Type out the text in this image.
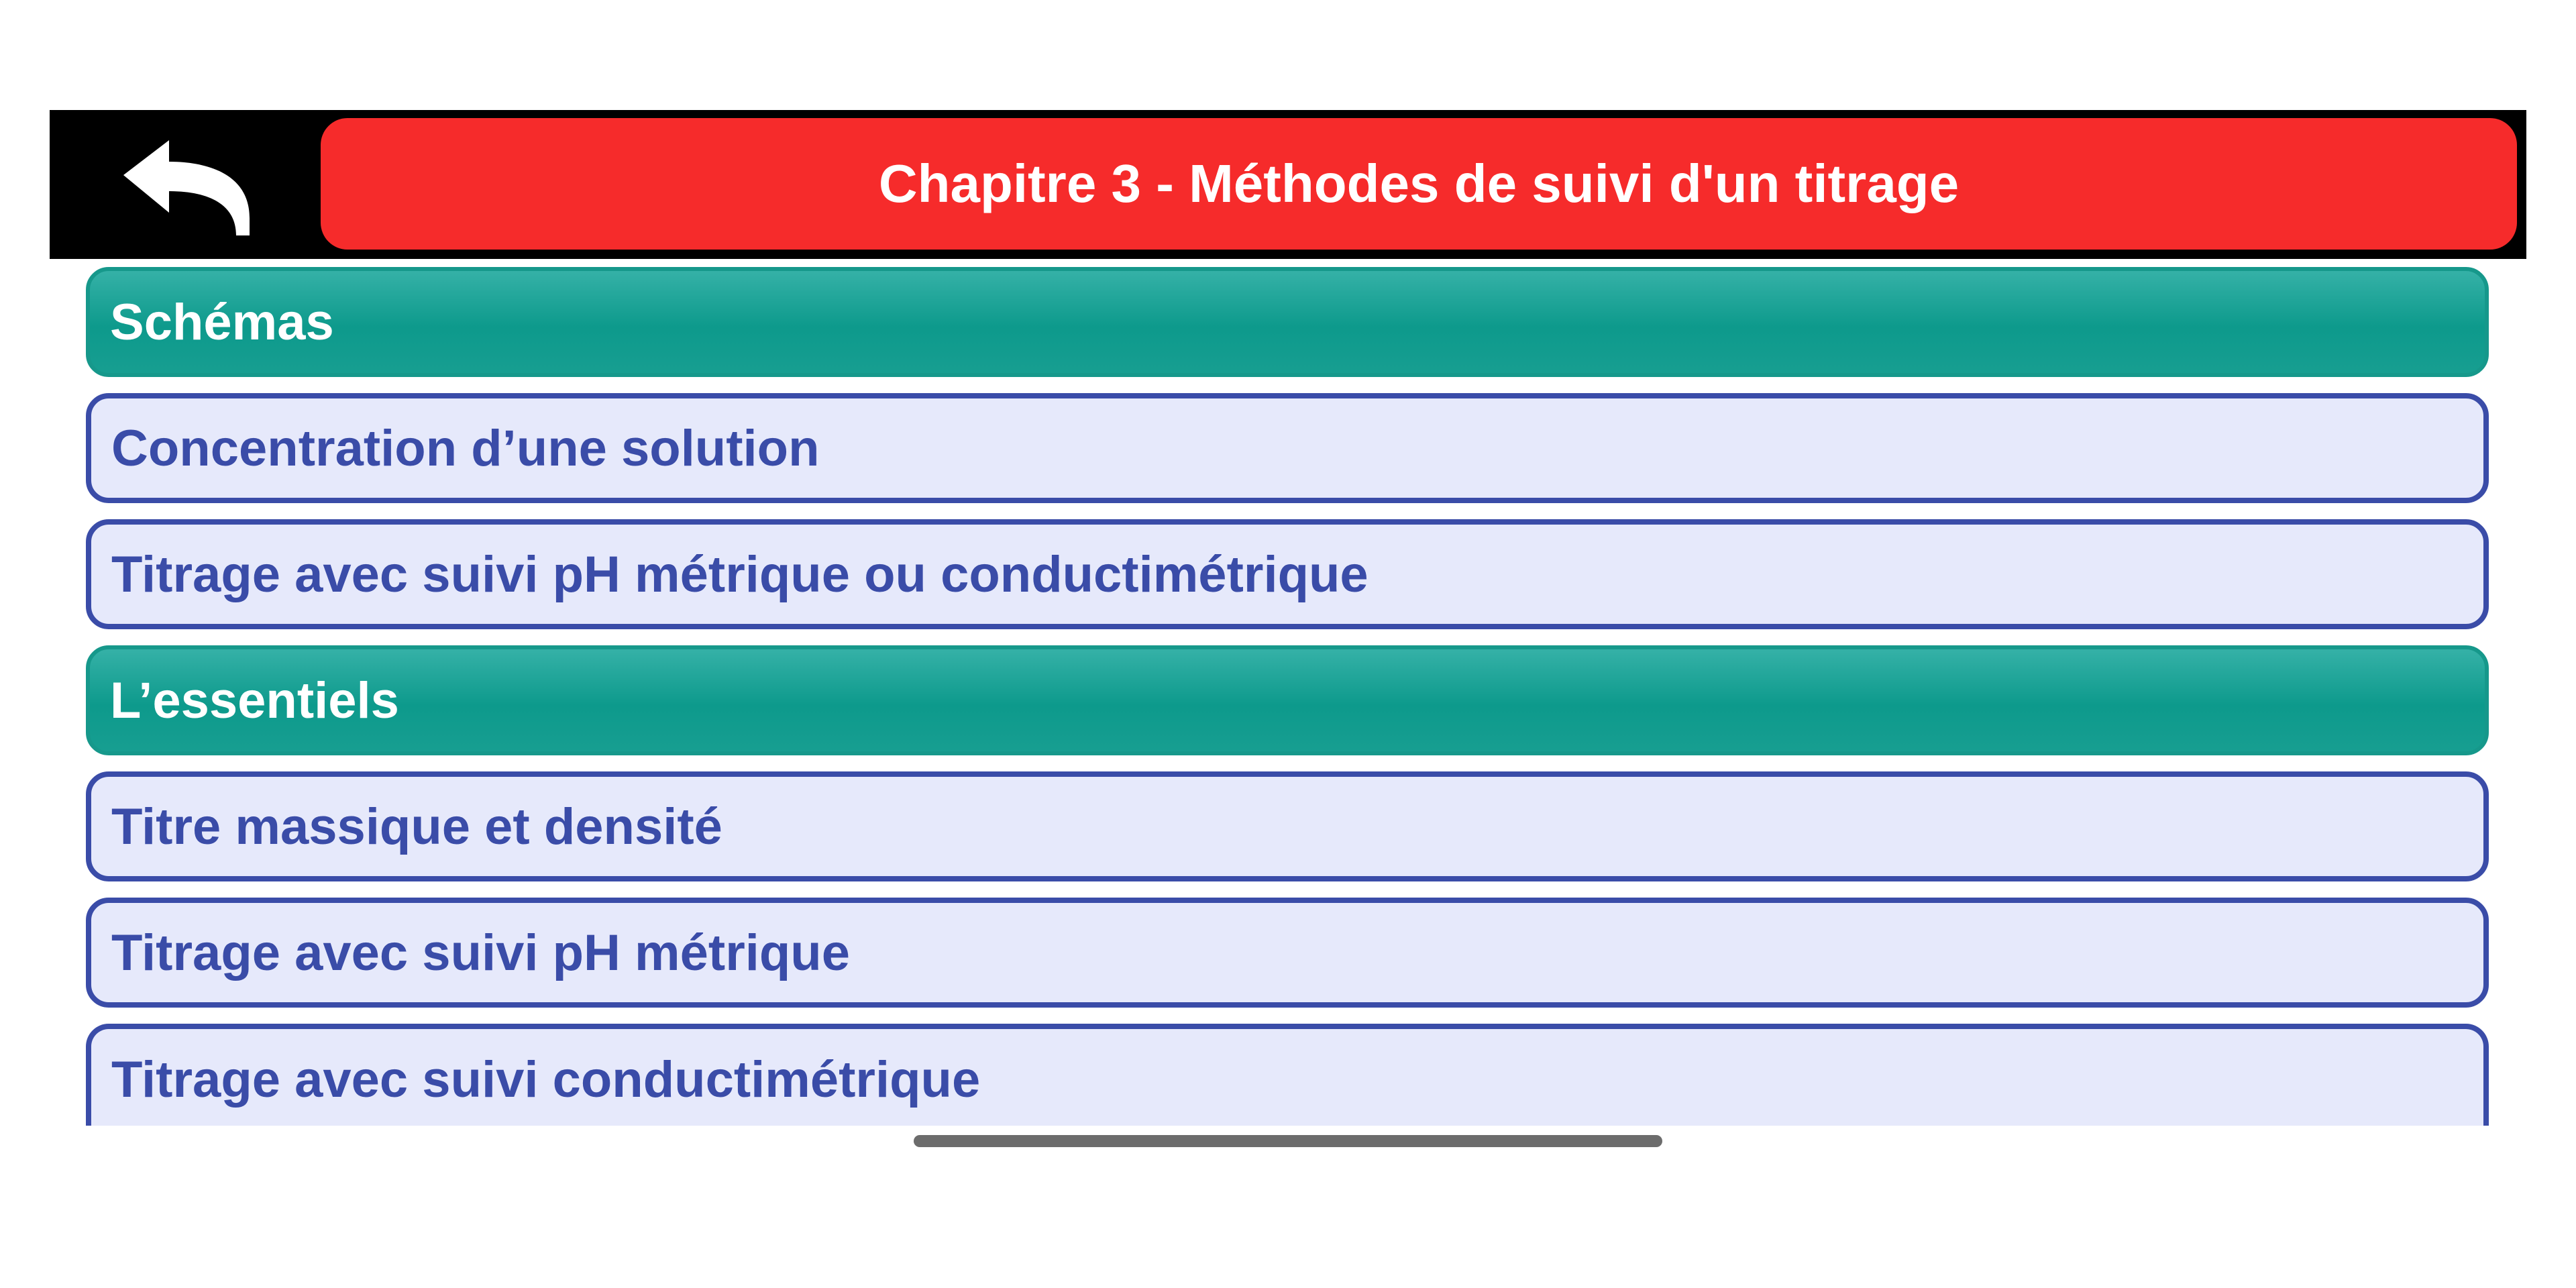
Chapitre 3 - Méthodes de suivi d'un titrage
Schémas
Concentration d’une solution
Titrage avec suivi pH métrique ou conductimétrique
L’essentiels
Titre massique et densité
Titrage avec suivi pH métrique
Titrage avec suivi conductimétrique
